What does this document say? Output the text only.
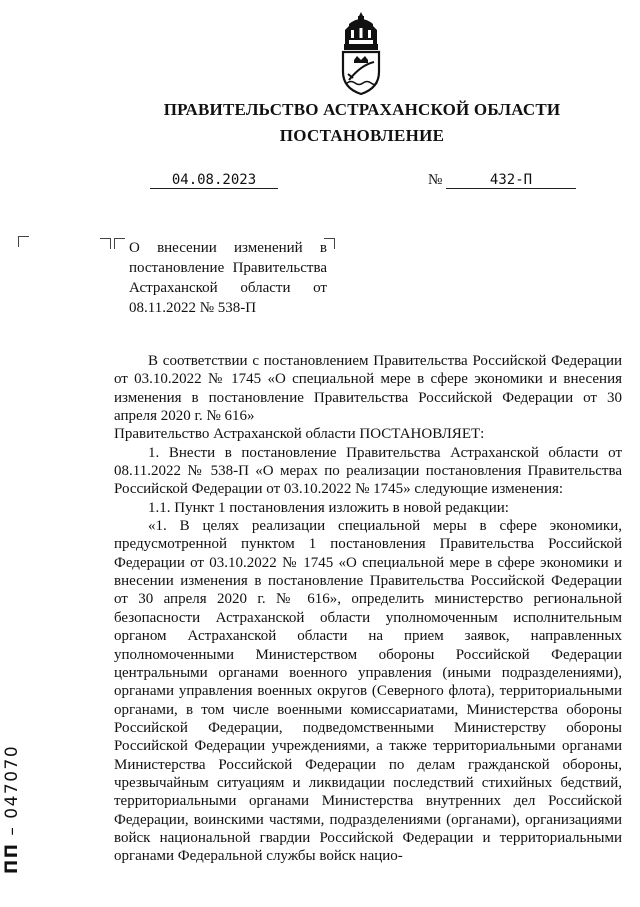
ПРАВИТЕЛЬСТВО АСТРАХАНСКОЙ ОБЛАСТИ
ПОСТАНОВЛЕНИЕ
04.08.2023	№	432-П

О внесении изменений в постановление Правительства Астраханской области от 08.11.2022 № 538-П

В соответствии с постановлением Правительства Российской Федерации от 03.10.2022 № 1745 «О специальной мере в сфере экономики и внесения изменения в постановление Правительства Российской Федерации от 30 апреля 2020 г. № 616»

Правительство Астраханской области ПОСТАНОВЛЯЕТ:

1. Внести в постановление Правительства Астраханской области от 08.11.2022 № 538-П «О мерах по реализации постановления Правительства Российской Федерации от 03.10.2022 № 1745» следующие изменения:

1.1. Пункт 1 постановления изложить в новой редакции:

«1. В целях реализации специальной меры в сфере экономики, предусмотренной пунктом 1 постановления Правительства Российской Федерации от 03.10.2022 № 1745 «О специальной мере в сфере экономики и внесении изменения в постановление Правительства Российской Федерации от 30 апреля 2020 г. № 616», определить министерство региональной безопасности Астраханской области уполномоченным исполнительным органом Астраханской области на прием заявок, направленных уполномоченными Министерством обороны Российской Федерации центральными органами военного управления (иными подразделениями), органами управления военных округов (Северного флота), территориальными органами, в том числе военными комиссариатами, Министерства обороны Российской Федерации, подведомственными Министерству обороны Российской Федерации учреждениями, а также территориальными органами Министерства Российской Федерации по делам гражданской обороны, чрезвычайным ситуациям и ликвидации последствий стихийных бедствий, территориальными органами Министерства внутренних дел Российской Федерации, воинскими частями, подразделениями (органами), организациями войск национальной гвардии Российской Федерации и территориальными органами Федеральной службы войск нацио-

ПП – 047070
